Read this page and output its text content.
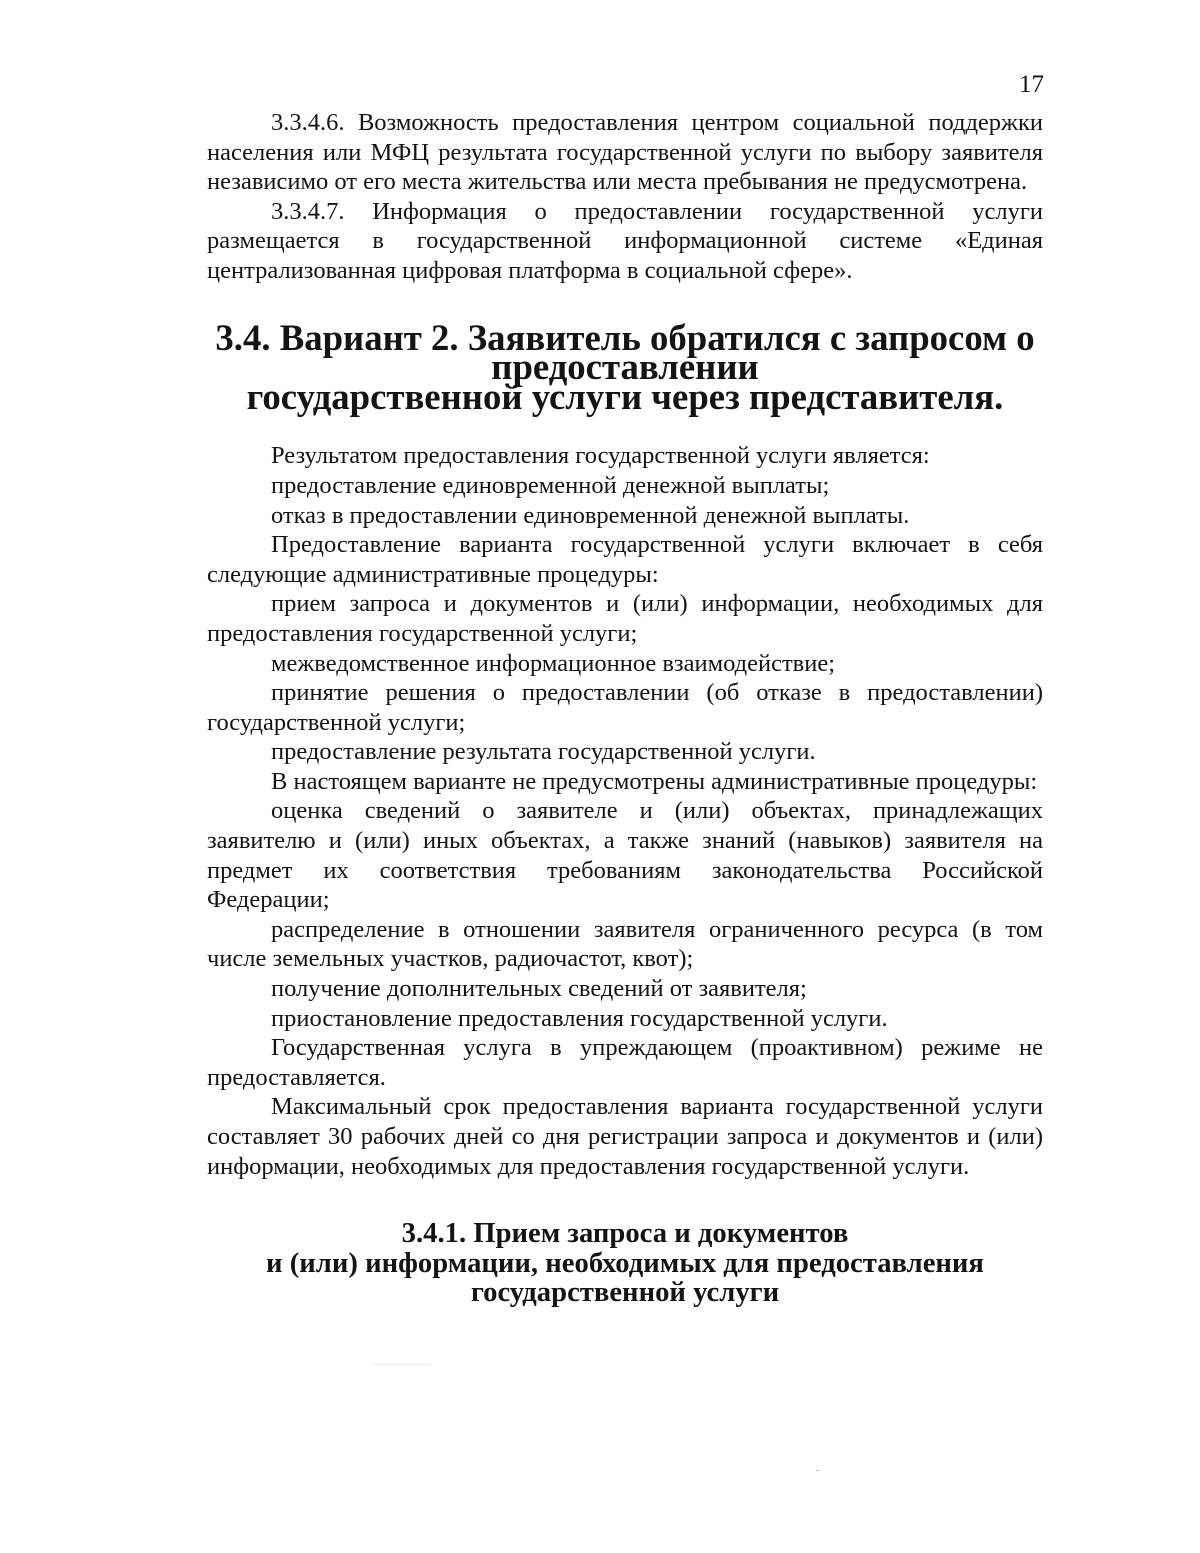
17

3.3.4.6. Возможность предоставления центром социальной поддержки населения или МФЦ результата государственной услуги по выбору заявителя независимо от его места жительства или места пребывания не предусмотрена.

3.3.4.7. Информация о предоставлении государственной услуги размещается в государственной информационной системе «Единая централизованная цифровая платформа в социальной сфере».

3.4. Вариант 2. Заявитель обратился с запросом о предоставлении
государственной услуги через представителя.

Результатом предоставления государственной услуги является:

предоставление единовременной денежной выплаты;

отказ в предоставлении единовременной денежной выплаты.

Предоставление варианта государственной услуги включает в себя следующие административные процедуры:

прием запроса и документов и (или) информации, необходимых для предоставления государственной услуги;

межведомственное информационное взаимодействие;

принятие решения о предоставлении (об отказе в предоставлении) государственной услуги;

предоставление результата государственной услуги.

В настоящем варианте не предусмотрены административные процедуры:

оценка сведений о заявителе и (или) объектах, принадлежащих заявителю и (или) иных объектах, а также знаний (навыков) заявителя на предмет их соответствия требованиям законодательства Российской Федерации;

распределение в отношении заявителя ограниченного ресурса (в том числе земельных участков, радиочастот, квот);

получение дополнительных сведений от заявителя;

приостановление предоставления государственной услуги.

Государственная услуга в упреждающем (проактивном) режиме не предоставляется.

Максимальный срок предоставления варианта государственной услуги составляет 30 рабочих дней со дня регистрации запроса и документов и (или) информации, необходимых для предоставления государственной услуги.

3.4.1. Прием запроса и документов
и (или) информации, необходимых для предоставления
государственной услуги
